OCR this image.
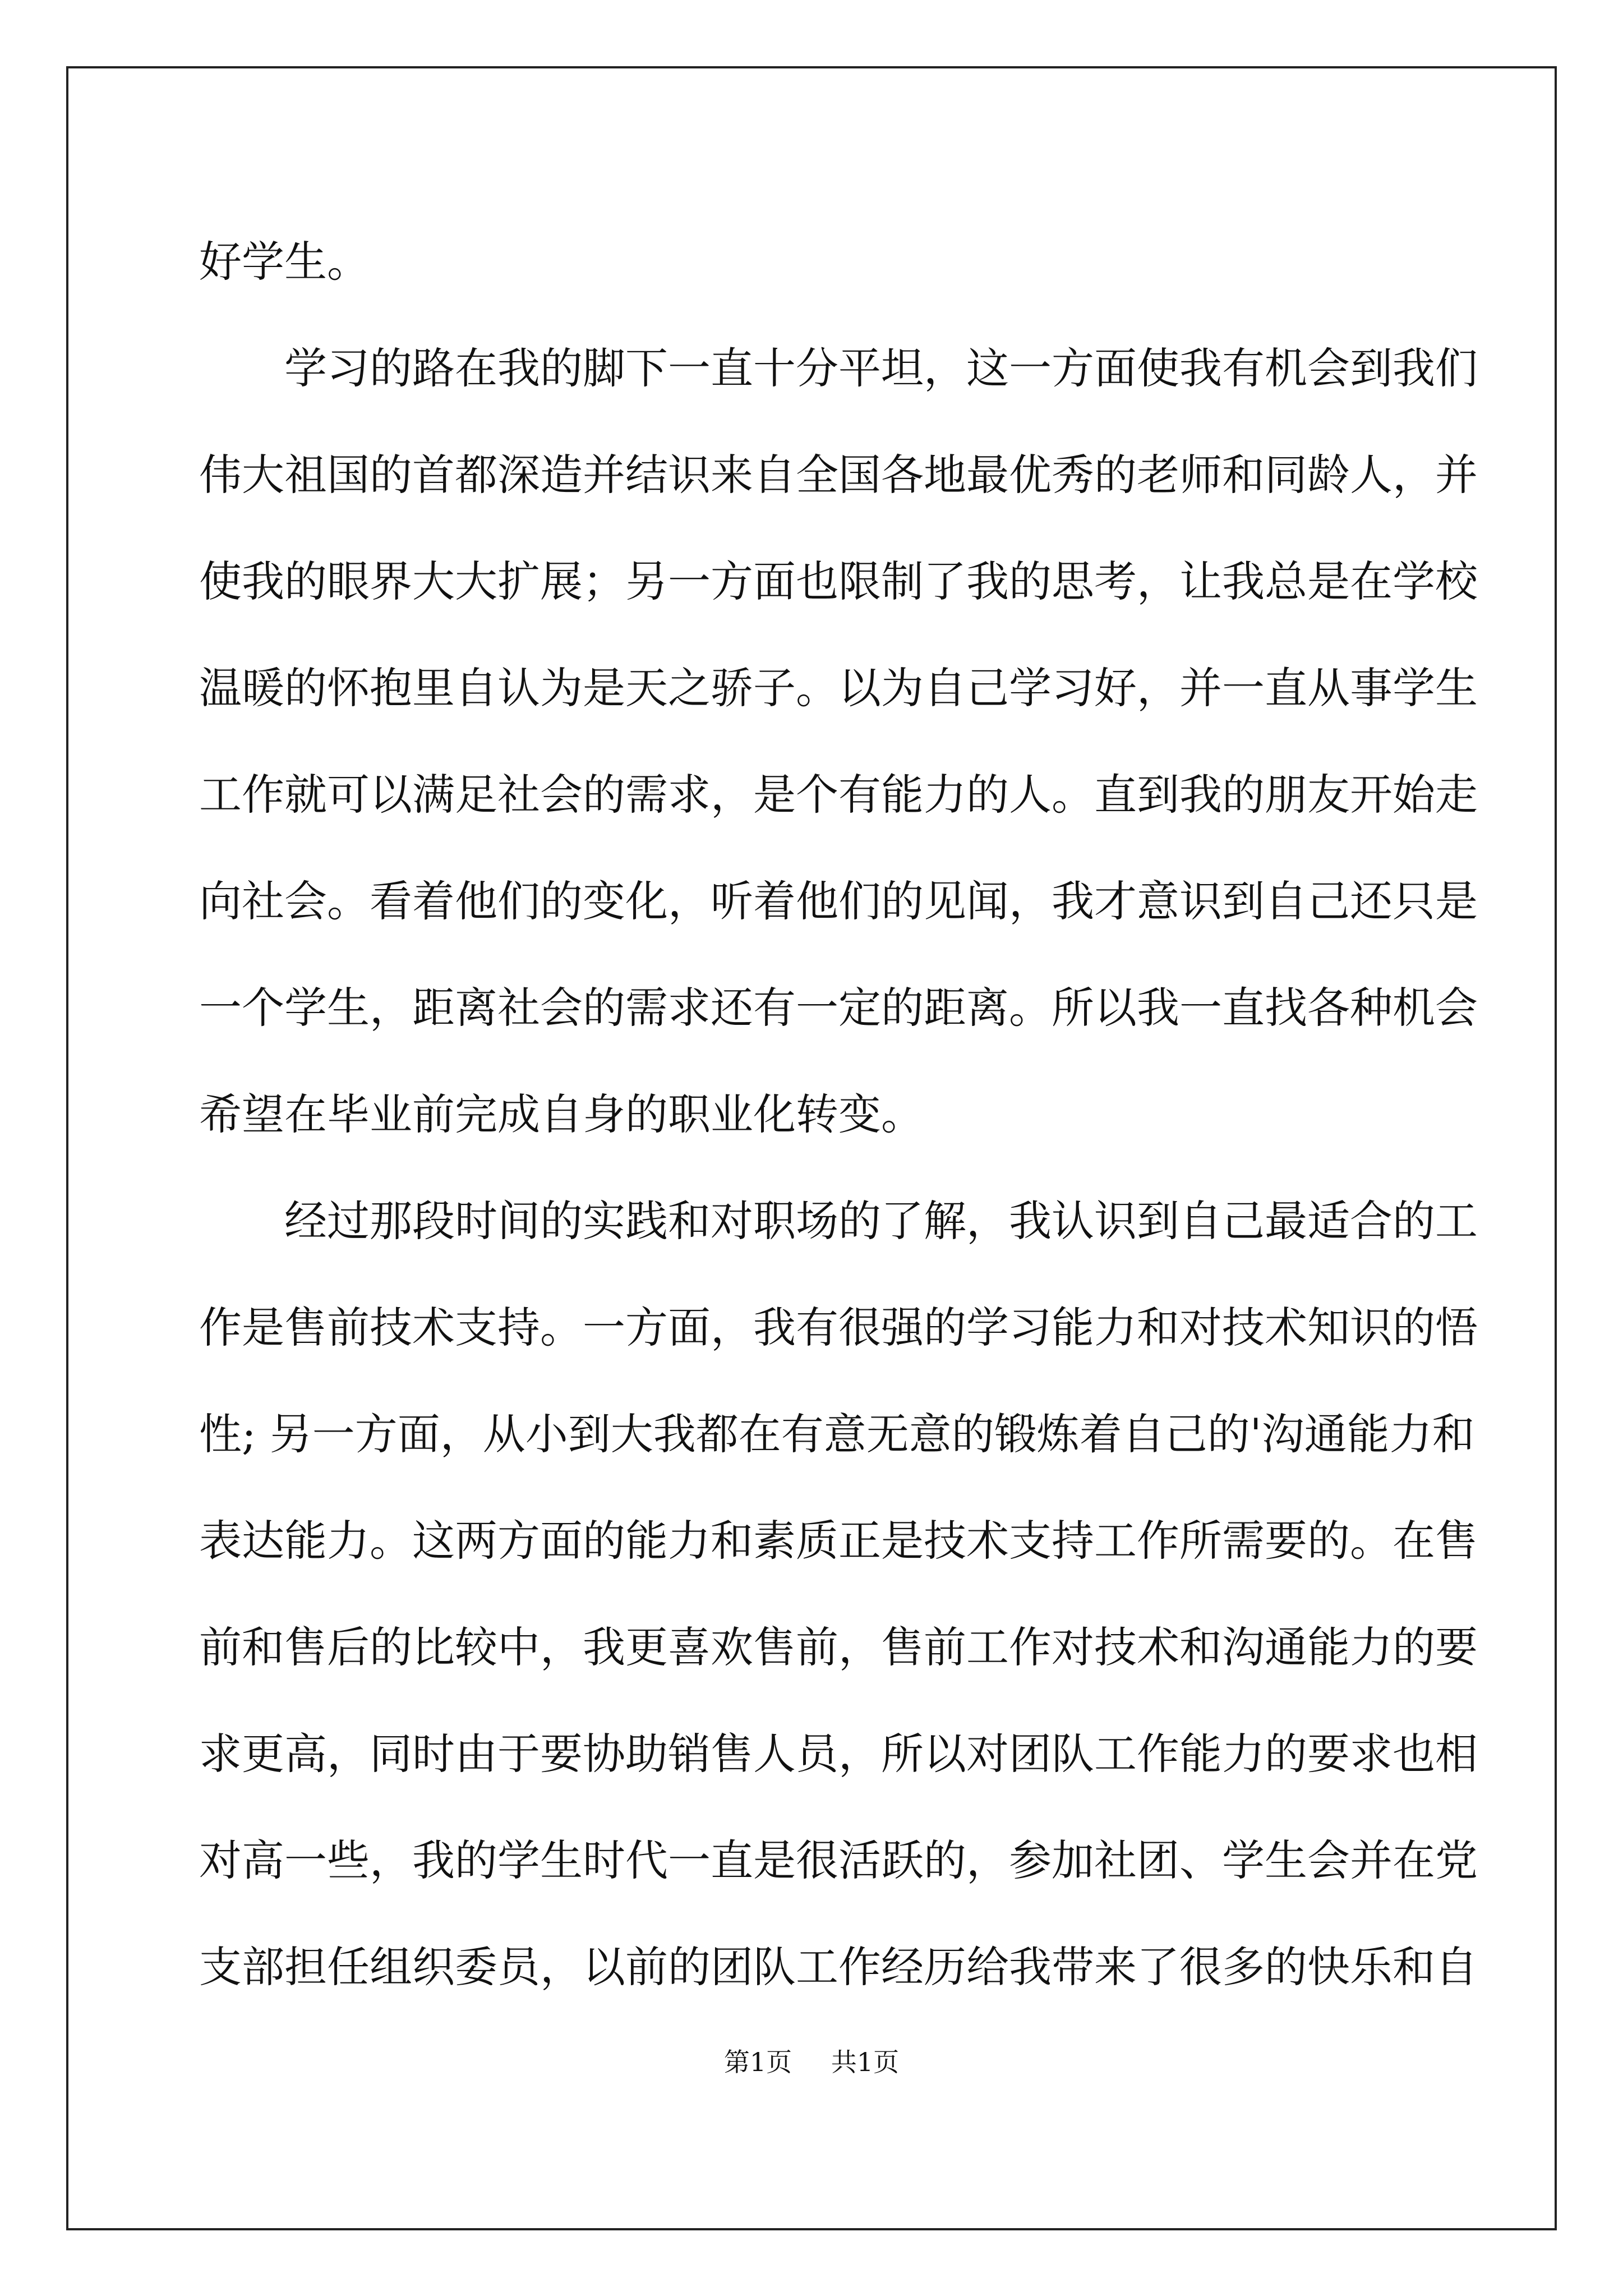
好学生。
学习的路在我的脚下一直十分平坦，这一方面使我有机会到我们
伟大祖国的首都深造并结识来自全国各地最优秀的老师和同龄人，并
使我的眼界大大扩展；另一方面也限制了我的思考，让我总是在学校
温暖的怀抱里自认为是天之骄子。以为自己学习好，并一直从事学生
工作就可以满足社会的需求，是个有能力的人。直到我的朋友开始走
向社会。看着他们的变化，听着他们的见闻，我才意识到自己还只是
一个学生，距离社会的需求还有一定的距离。所以我一直找各种机会
希望在毕业前完成自身的职业化转变。
经过那段时间的实践和对职场的了解，我认识到自己最适合的工
作是售前技术支持。一方面，我有很强的学习能力和对技术知识的悟
性; 另一方面，从小到大我都在有意无意的锻炼着自己的'沟通能力和
表达能力。这两方面的能力和素质正是技术支持工作所需要的。在售
前和售后的比较中，我更喜欢售前，售前工作对技术和沟通能力的要
求更高，同时由于要协助销售人员，所以对团队工作能力的要求也相
对高一些，我的学生时代一直是很活跃的，参加社团、学生会并在党
支部担任组织委员，以前的团队工作经历给我带来了很多的快乐和自
第1页 共1页
